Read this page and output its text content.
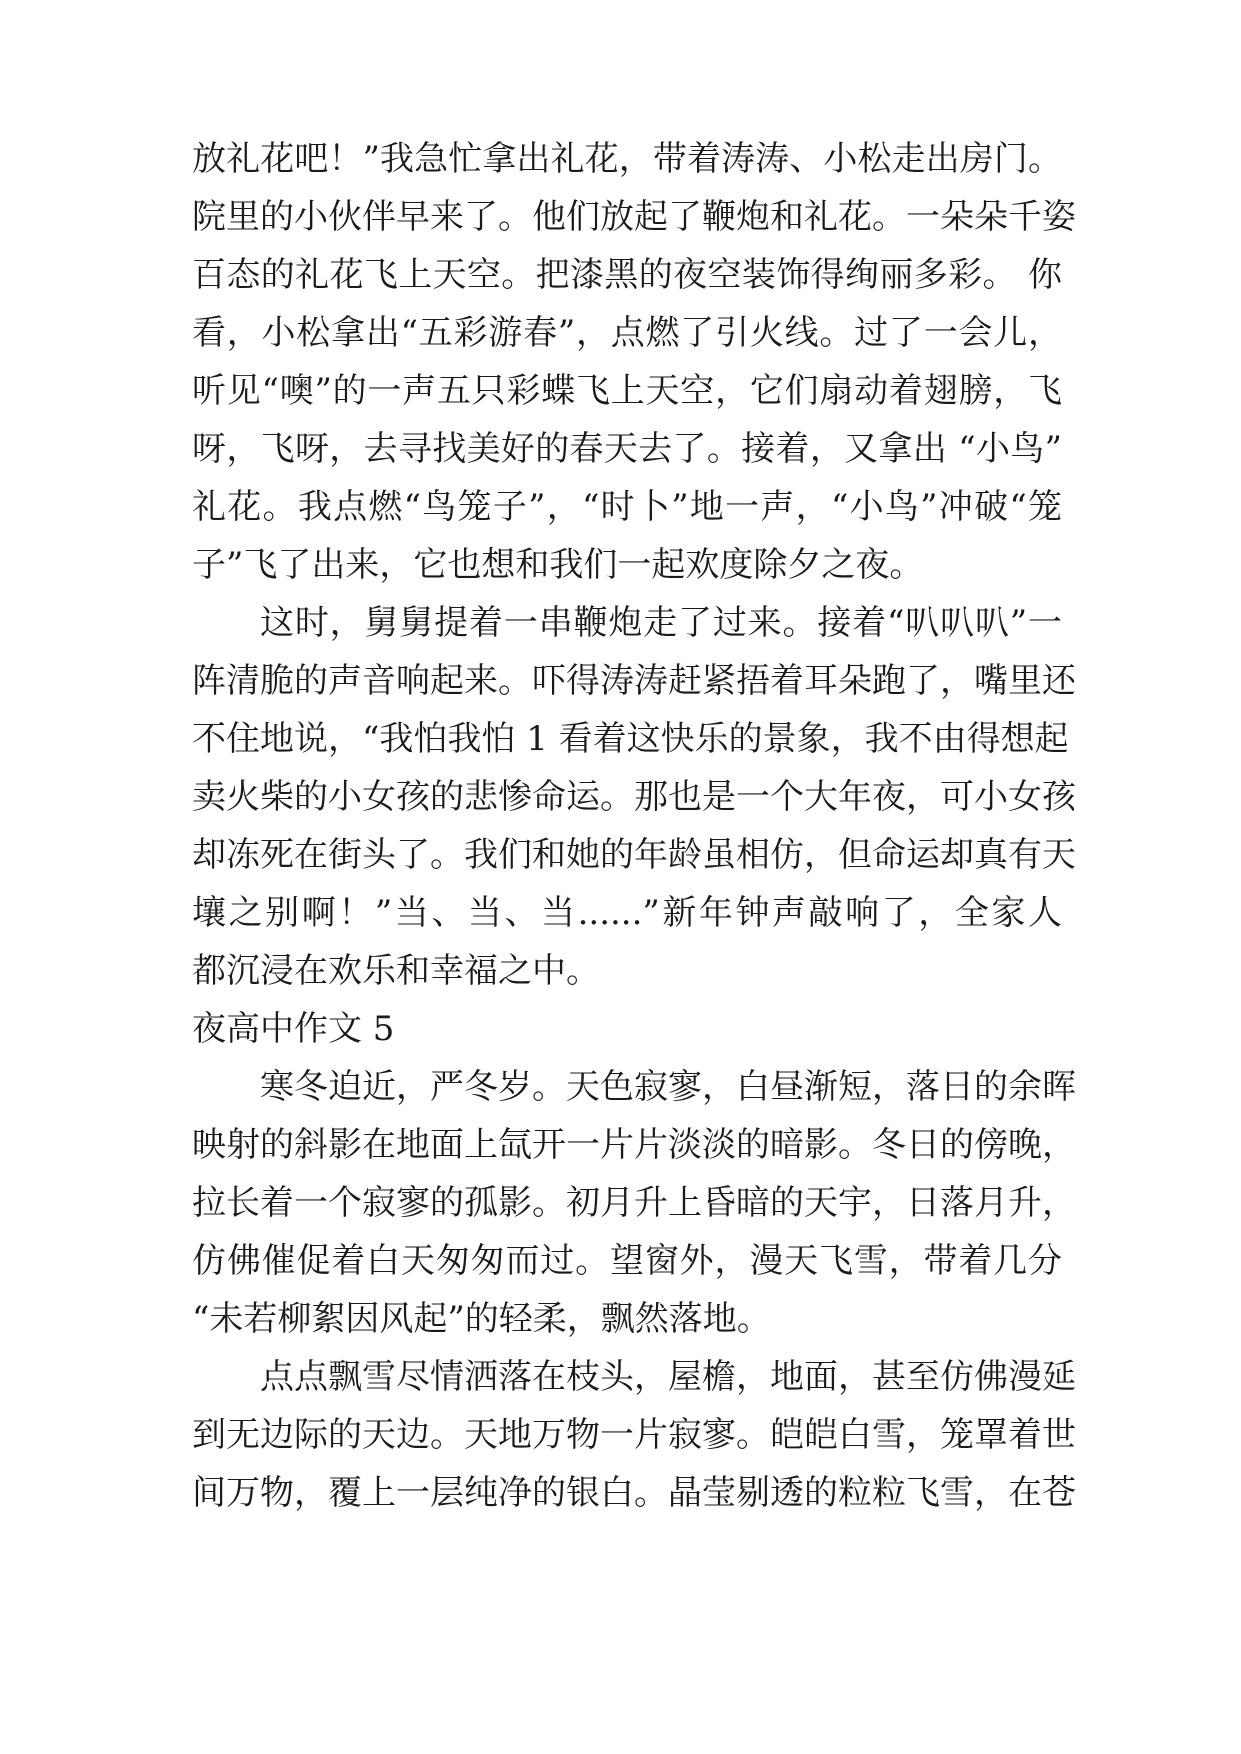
放礼花吧！”我急忙拿出礼花，带着涛涛、小松走出房门。
院里的小伙伴早来了。他们放起了鞭炮和礼花。一朵朵千姿
百态的礼花飞上天空。把漆黑的夜空装饰得绚丽多彩。 你
看，小松拿出“五彩游春”，点燃了引火线。过了一会儿，
听见“噢”的一声五只彩蝶飞上天空，它们扇动着翅膀，飞
呀，飞呀，去寻找美好的春天去了。接着，又拿出 “小鸟”
礼花。我点燃“鸟笼子”，“时卜”地一声，“小鸟”冲破“笼
子”飞了出来，它也想和我们一起欢度除夕之夜。
这时，舅舅提着一串鞭炮走了过来。接着“叭叭叭”一
阵清脆的声音响起来。吓得涛涛赶紧捂着耳朵跑了，嘴里还
不住地说，“我怕我怕 1 看着这快乐的景象，我不由得想起
卖火柴的小女孩的悲惨命运。那也是一个大年夜，可小女孩
却冻死在街头了。我们和她的年龄虽相仿，但命运却真有天
壤之别啊！”当、当、当......”新年钟声敲响了，全家人
都沉浸在欢乐和幸福之中。
夜高中作文 5
寒冬迫近，严冬岁。天色寂寥，白昼渐短，落日的余晖
映射的斜影在地面上氙开一片片淡淡的暗影。冬日的傍晚，
拉长着一个寂寥的孤影。初月升上昏暗的天宇，日落月升，
仿佛催促着白天匆匆而过。望窗外，漫天飞雪，带着几分
“未若柳絮因风起”的轻柔，飘然落地。
点点飘雪尽情洒落在枝头，屋檐，地面，甚至仿佛漫延
到无边际的天边。天地万物一片寂寥。皑皑白雪，笼罩着世
间万物，覆上一层纯净的银白。晶莹剔透的粒粒飞雪，在苍
